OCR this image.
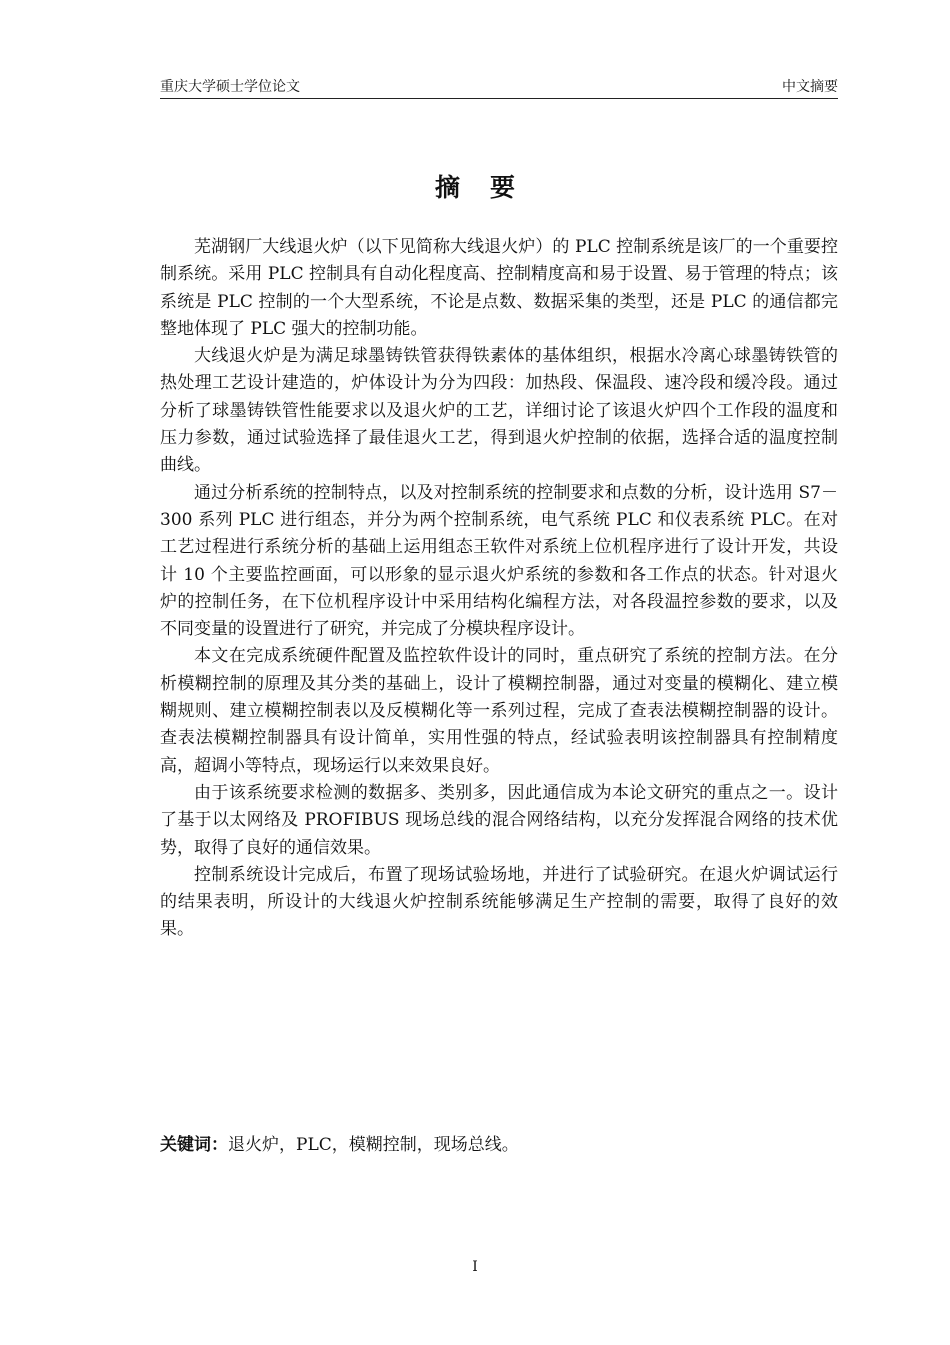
重庆大学硕士学位论文	中文摘要
摘要

芜湖钢厂大线退火炉（以下见简称大线退火炉）的 PLC 控制系统是该厂的一个重要控制系统。采用 PLC 控制具有自动化程度高、控制精度高和易于设置、易于管理的特点；该系统是 PLC 控制的一个大型系统，不论是点数、数据采集的类型，还是 PLC 的通信都完整地体现了 PLC 强大的控制功能。

大线退火炉是为满足球墨铸铁管获得铁素体的基体组织，根据水冷离心球墨铸铁管的热处理工艺设计建造的，炉体设计为分为四段：加热段、保温段、速冷段和缓冷段。通过分析了球墨铸铁管性能要求以及退火炉的工艺，详细讨论了该退火炉四个工作段的温度和压力参数，通过试验选择了最佳退火工艺，得到退火炉控制的依据，选择合适的温度控制曲线。

通过分析系统的控制特点，以及对控制系统的控制要求和点数的分析，设计选用 S7－300 系列 PLC 进行组态，并分为两个控制系统，电气系统 PLC 和仪表系统 PLC。在对工艺过程进行系统分析的基础上运用组态王软件对系统上位机程序进行了设计开发，共设计 10 个主要监控画面，可以形象的显示退火炉系统的参数和各工作点的状态。针对退火炉的控制任务，在下位机程序设计中采用结构化编程方法，对各段温控参数的要求，以及不同变量的设置进行了研究，并完成了分模块程序设计。

本文在完成系统硬件配置及监控软件设计的同时，重点研究了系统的控制方法。在分析模糊控制的原理及其分类的基础上，设计了模糊控制器，通过对变量的模糊化、建立模糊规则、建立模糊控制表以及反模糊化等一系列过程，完成了查表法模糊控制器的设计。查表法模糊控制器具有设计简单，实用性强的特点，经试验表明该控制器具有控制精度高，超调小等特点，现场运行以来效果良好。

由于该系统要求检测的数据多、类别多，因此通信成为本论文研究的重点之一。设计了基于以太网络及 PROFIBUS 现场总线的混合网络结构，以充分发挥混合网络的技术优势，取得了良好的通信效果。

控制系统设计完成后，布置了现场试验场地，并进行了试验研究。在退火炉调试运行的结果表明，所设计的大线退火炉控制系统能够满足生产控制的需要，取得了良好的效果。

关键词：退火炉，PLC，模糊控制，现场总线。
I
